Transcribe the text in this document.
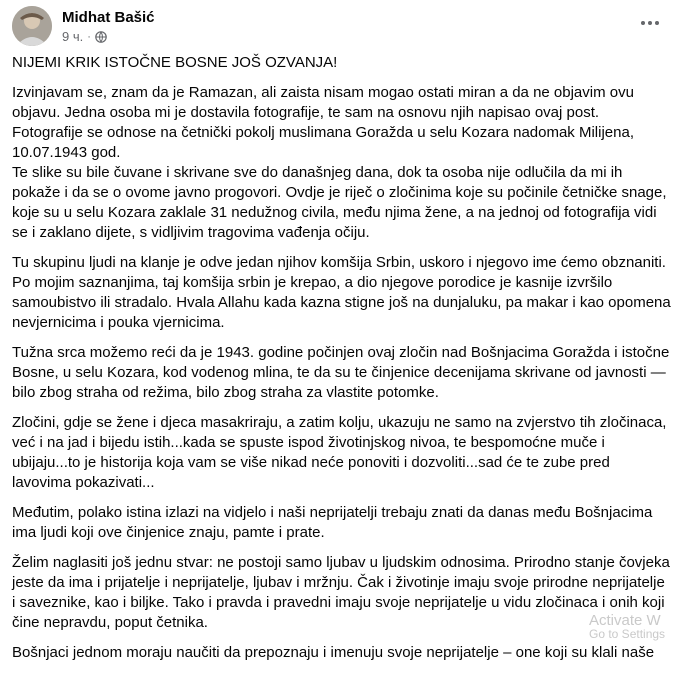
Midhat Bašić
9 ч. ·

NIJEMI KRIK ISTOČNE BOSNE JOŠ OZVANJA!

Izvinjavam se, znam da je Ramazan, ali zaista nisam mogao ostati miran a da ne objavim ovu objavu. Jedna osoba mi je dostavila fotografije, te sam na osnovu njih napisao ovaj post.
Fotografije se odnose na četnički pokolj muslimana Goražda u selu Kozara nadomak Milijena, 10.07.1943 god.
Te slike su bile čuvane i skrivane sve do današnjeg dana, dok ta osoba nije odlučila da mi ih pokaže i da se o ovome javno progovori. Ovdje je riječ o zločinima koje su počinile četničke snage, koje su u selu Kozara zaklale 31 nedužnog civila, među njima žene, a na jednoj od fotografija vidi se i zaklano dijete, s vidljivim tragovima vađenja očiju.

Tu skupinu ljudi na klanje je odve jedan njihov komšija Srbin, uskoro i njegovo ime ćemo obznaniti. Po mojim saznanjima, taj komšija srbin je krepao, a dio njegove porodice je kasnije izvršilo samoubistvo ili stradalo. Hvala Allahu kada kazna stigne još na dunjaluku, pa makar i kao opomena nevjernicima i pouka vjernicima.

Tužna srca možemo reći da je 1943. godine počinjen ovaj zločin nad Bošnjacima Goražda i istočne Bosne, u selu Kozara, kod vodenog mlina, te da su te činjenice decenijama skrivane od javnosti — bilo zbog straha od režima, bilo zbog straha za vlastite potomke.

Zločini, gdje se žene i djeca masakriraju, a zatim kolju, ukazuju ne samo na zvjerstvo tih zločinaca, već i na jad i bijedu istih...kada se spuste ispod životinjskog nivoa, te bespomoćne muče i ubijaju...to je historija koja vam se više nikad neće ponoviti i dozvoliti...sad će te zube pred lavovima pokazivati...

Međutim, polako istina izlazi na vidjelo i naši neprijatelji trebaju znati da danas među Bošnjacima ima ljudi koji ove činjenice znaju, pamte i prate.

Želim naglasiti još jednu stvar: ne postoji samo ljubav u ljudskim odnosima. Prirodno stanje čovjeka jeste da ima i prijatelje i neprijatelje, ljubav i mržnju. Čak i životinje imaju svoje prirodne neprijatelje i saveznike, kao i biljke. Tako i pravda i pravedni imaju svoje neprijatelje u vidu zločinaca i onih koji čine nepravdu, poput četnika.

Bošnjaci jednom moraju naučiti da prepoznaju i imenuju svoje neprijatelje – one koji su klali naše

Activate W
Go to Settings
